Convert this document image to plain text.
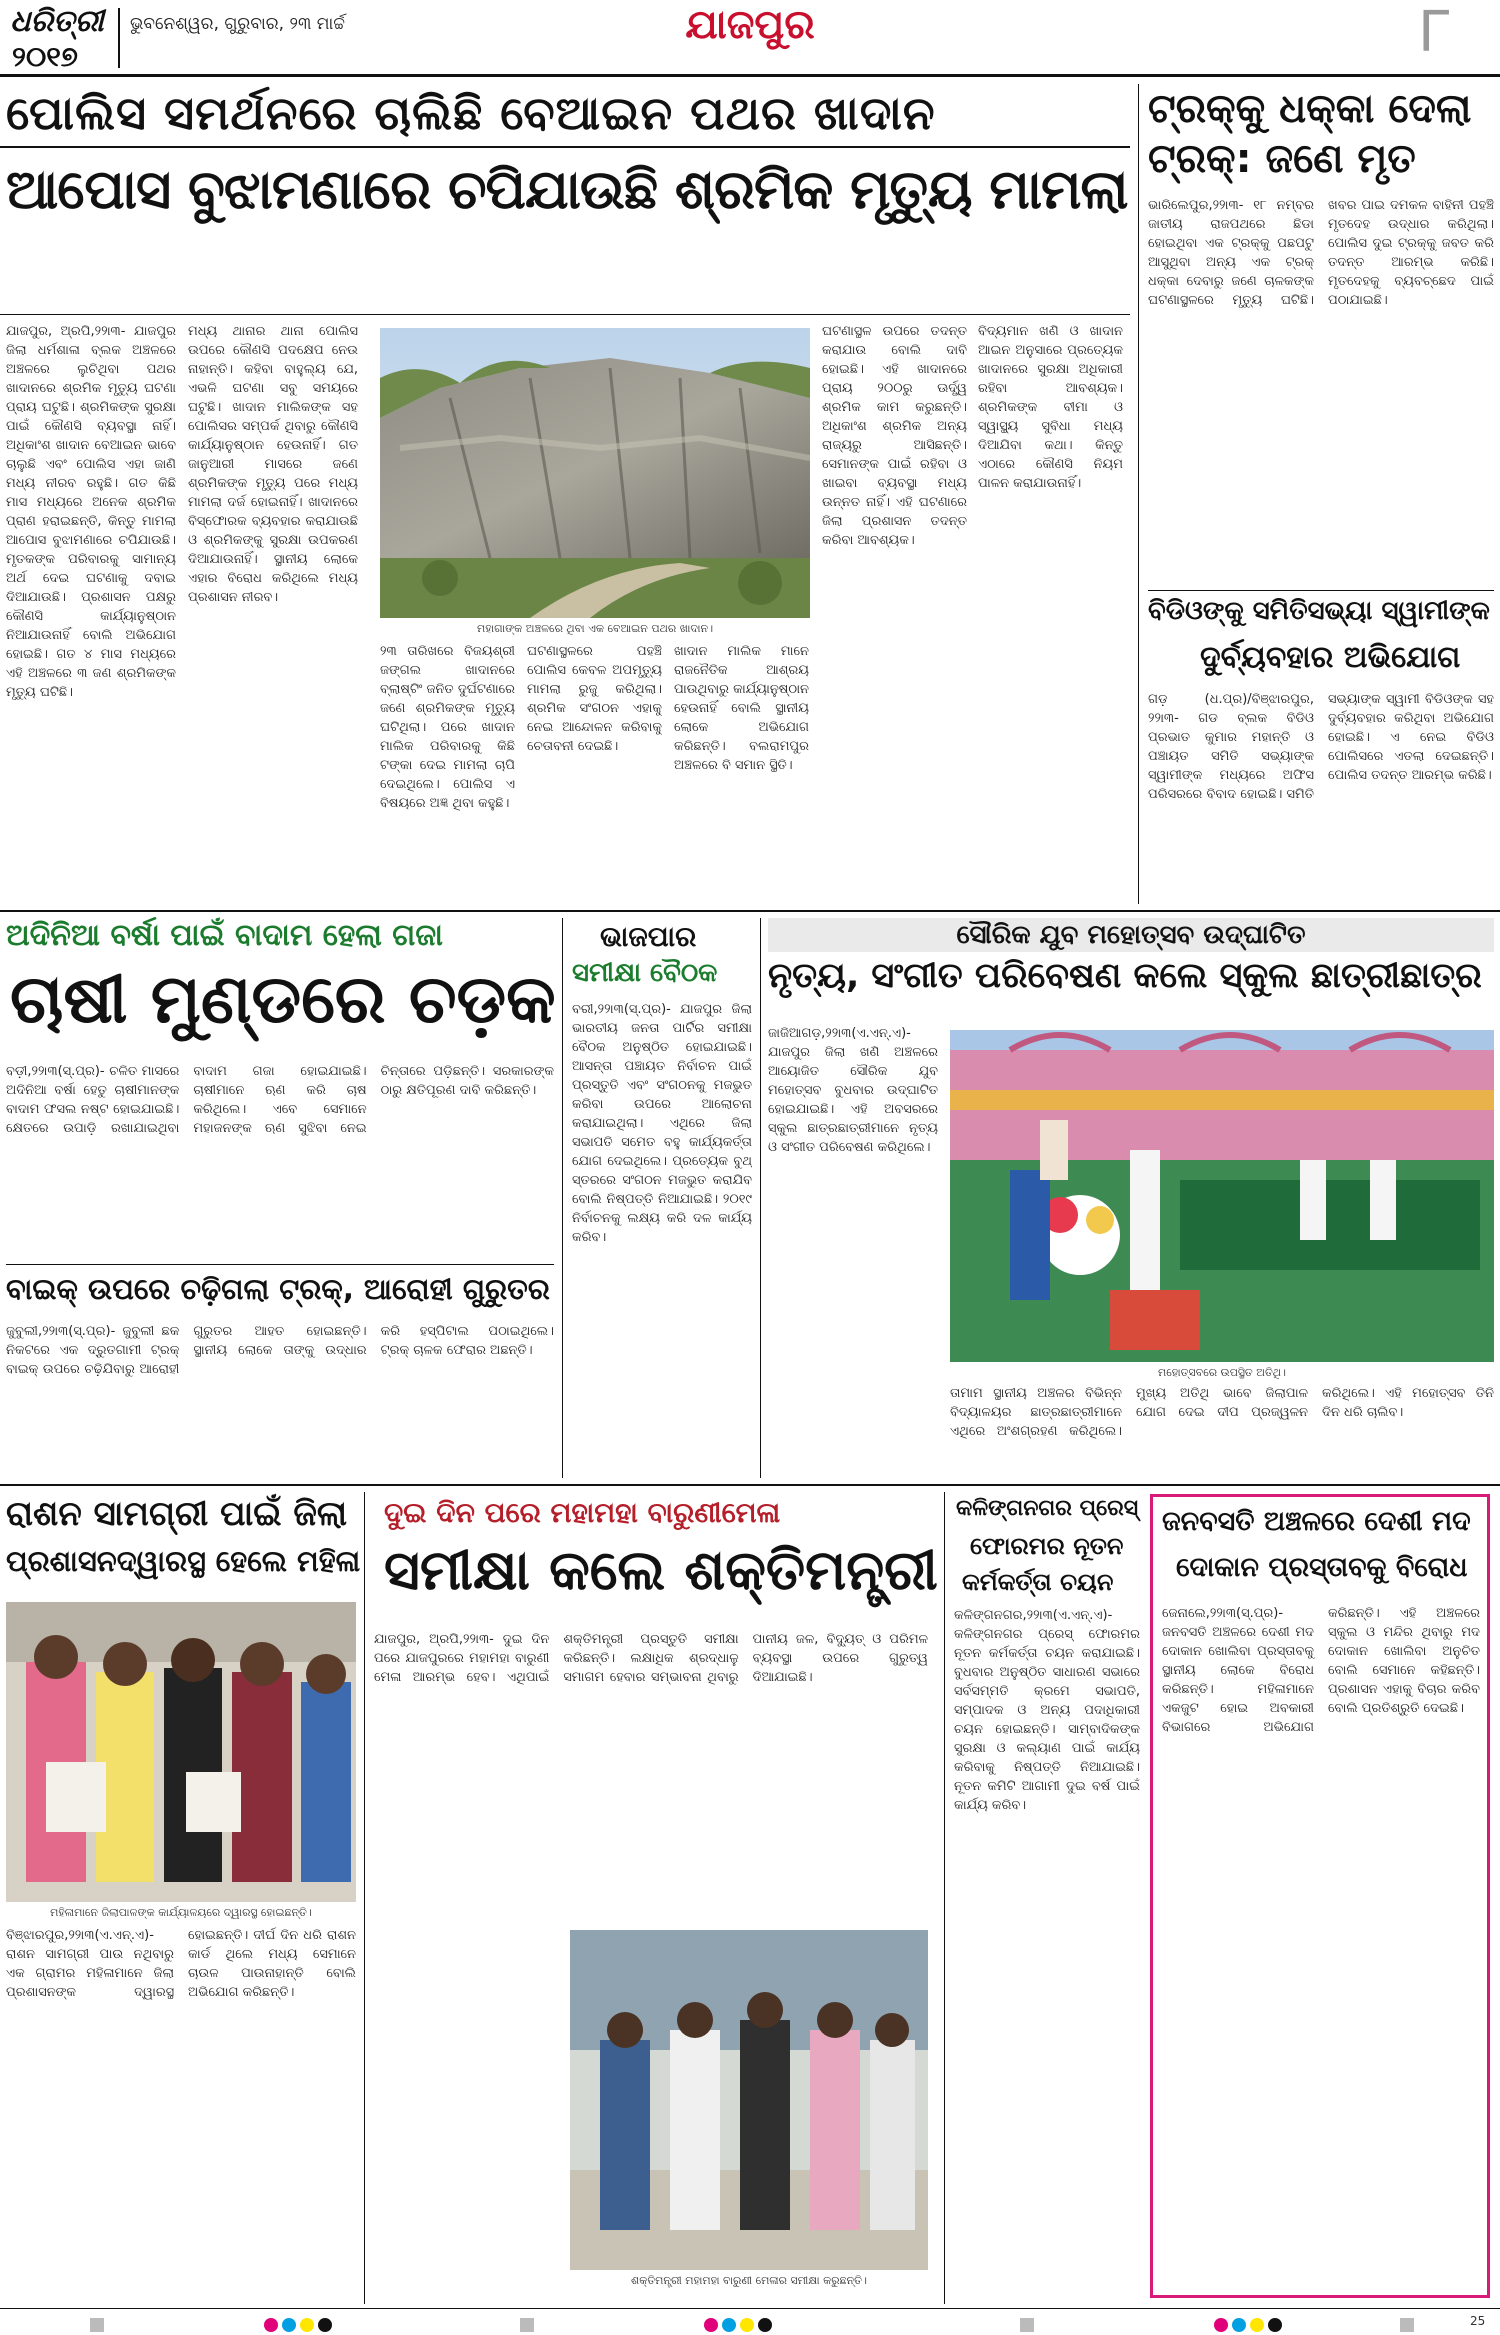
ଧରିତ୍ରୀ
୨୦୧୭
ଭୁବନେଶ୍ୱର, ଗୁରୁବାର, ୨୩ ମାର୍ଚ୍ଚ	ଯାଜପୁର	Γ
ପୋଲିସ ସମର୍ଥନରେ ଚାଲିଛି ବେଆଇନ ପଥର ଖାଦାନ
ଆପୋସ ବୁଝାମଣାରେ ଚପିଯାଉଛି ଶ୍ରମିକ ମୃତ୍ୟୁ ମାମଲା
ଯାଜପୁର, ଅ୍ରପି,୨୨ା୩- ଯାଜପୁର ଜିଲା ଧର୍ମଶାଳା ବ୍ଲକ ଅଞ୍ଚଳରେ ଅଞ୍ଚଳରେ ଲୁଚିଥିବା ପଥର ଖାଦାନରେ ଶ୍ରମିକ ମୃତ୍ୟୁ ଘଟଣା ପ୍ରାୟ ଘଟୁଛି। ଶ୍ରମିକଙ୍କ ସୁରକ୍ଷା ପାଇଁ କୌଣସି ବ୍ୟବସ୍ଥା ନାହିଁ। ଅଧିକାଂଶ ଖାଦାନ ବେଆଇନ ଭାବେ ଚାଲୁଛି ଏବଂ ପୋଲିସ ଏହା ଜାଣି ମଧ୍ୟ ନୀରବ ରହୁଛି। ଗତ କିଛି ମାସ ମଧ୍ୟରେ ଅନେକ ଶ୍ରମିକ ପ୍ରାଣ ହରାଇଛନ୍ତି, କିନ୍ତୁ ମାମଲା ଆପୋସ ବୁଝାମଣାରେ ଚପିଯାଉଛି। ମୃତକଙ୍କ ପରିବାରକୁ ସାମାନ୍ୟ ଅର୍ଥ ଦେଇ ଘଟଣାକୁ ଦବାଇ ଦିଆଯାଉଛି। ପ୍ରଶାସନ ପକ୍ଷରୁ କୌଣସି କାର୍ଯ୍ୟାନୁଷ୍ଠାନ ନିଆଯାଉନାହିଁ ବୋଲି ଅଭିଯୋଗ ହୋଇଛି। ଗତ ୪ ମାସ ମଧ୍ୟରେ ଏହି ଅଞ୍ଚଳରେ ୩ ଜଣ ଶ୍ରମିକଙ୍କ ମୃତ୍ୟୁ ଘଟିଛି।
ମଧ୍ୟ ଥାନାର ଥାନା ପୋଲିସ ଉପରେ କୌଣସି ପଦକ୍ଷେପ ନେଉ ନାହାନ୍ତି। କହିବା ବାହୁଲ୍ୟ ଯେ, ଏଭଳି ଘଟଣା ସବୁ ସମୟରେ ଘଟୁଛି। ଖାଦାନ ମାଲିକଙ୍କ ସହ ପୋଲିସର ସମ୍ପର୍କ ଥିବାରୁ କୌଣସି କାର୍ଯ୍ୟାନୁଷ୍ଠାନ ହେଉନାହିଁ। ଗତ ଜାନୁଆରୀ ମାସରେ ଜଣେ ଶ୍ରମିକଙ୍କ ମୃତ୍ୟୁ ପରେ ମଧ୍ୟ ମାମଲା ଦର୍ଜ ହୋଇନାହିଁ। ଖାଦାନରେ ବିସ୍ଫୋରକ ବ୍ୟବହାର କରାଯାଉଛି ଓ ଶ୍ରମିକଙ୍କୁ ସୁରକ୍ଷା ଉପକରଣ ଦିଆଯାଉନାହିଁ। ସ୍ଥାନୀୟ ଲୋକେ ଏହାର ବିରୋଧ କରିଥିଲେ ମଧ୍ୟ ପ୍ରଶାସନ ନୀରବ।
ମହାଗାଙ୍କ ଅଞ୍ଚଳରେ ଥିବା ଏକ ବେଆଇନ ପଥର ଖାଦାନ।
୨୩ ତାରିଖରେ ବିଜୟଶ୍ରୀ ଜଙ୍ଗଲ ଖାଦାନରେ ବ୍ଲାଷ୍ଟିଂ ଜନିତ ଦୁର୍ଘଟଣାରେ ଜଣେ ଶ୍ରମିକଙ୍କ ମୃତ୍ୟୁ ଘଟିଥିଲା। ପରେ ଖାଦାନ ମାଲିକ ପରିବାରକୁ କିଛି ଟଙ୍କା ଦେଇ ମାମଲା ଚାପି ଦେଇଥିଲେ। ପୋଲିସ ଏ ବିଷୟରେ ଅଜ୍ଞ ଥିବା କହୁଛି।
ଘଟଣାସ୍ଥଳରେ ପହଞ୍ଚି ପୋଲିସ କେବଳ ଅପମୃତ୍ୟୁ ମାମଲା ରୁଜୁ କରିଥିଲା। ଶ୍ରମିକ ସଂଗଠନ ଏହାକୁ ନେଇ ଆନ୍ଦୋଳନ କରିବାକୁ ଚେତାବନୀ ଦେଇଛି।
ଖାଦାନ ମାଲିକ ମାନେ ରାଜନୈତିକ ଆଶ୍ରୟ ପାଉଥିବାରୁ କାର୍ଯ୍ୟାନୁଷ୍ଠାନ ହେଉନାହିଁ ବୋଲି ସ୍ଥାନୀୟ ଲୋକେ ଅଭିଯୋଗ କରିଛନ୍ତି। ବଲରାମପୁର ଅଞ୍ଚଳରେ ବି ସମାନ ସ୍ଥିତି।
ଘଟଣାସ୍ଥଳ ଉପରେ ତଦନ୍ତ କରାଯାଉ ବୋଲି ଦାବି ହୋଇଛି। ଏହି ଖାଦାନରେ ପ୍ରାୟ ୨୦୦ରୁ ଊର୍ଦ୍ଧ୍ୱ ଶ୍ରମିକ କାମ କରୁଛନ୍ତି। ଅଧିକାଂଶ ଶ୍ରମିକ ଅନ୍ୟ ରାଜ୍ୟରୁ ଆସିଛନ୍ତି। ସେମାନଙ୍କ ପାଇଁ ରହିବା ଓ ଖାଇବା ବ୍ୟବସ୍ଥା ମଧ୍ୟ ଉନ୍ନତ ନାହିଁ। ଏହି ଘଟଣାରେ ଜିଲା ପ୍ରଶାସନ ତଦନ୍ତ କରିବା ଆବଶ୍ୟକ।
ବିଦ୍ୟମାନ ଖଣି ଓ ଖାଦାନ ଆଇନ ଅନୁସାରେ ପ୍ରତ୍ୟେକ ଖାଦାନରେ ସୁରକ୍ଷା ଅଧିକାରୀ ରହିବା ଆବଶ୍ୟକ। ଶ୍ରମିକଙ୍କ ବୀମା ଓ ସ୍ୱାସ୍ଥ୍ୟ ସୁବିଧା ମଧ୍ୟ ଦିଆଯିବା କଥା। କିନ୍ତୁ ଏଠାରେ କୌଣସି ନିୟମ ପାଳନ କରାଯାଉନାହିଁ।
ଟ୍ରକ୍‌କୁ ଧକ୍କା ଦେଲା
ଟ୍ରକ୍: ଜଣେ ମୃତ
ଭାରିଲେପୁର,୨୨ା୩- ୧୮ ନମ୍ବର ଜାତୀୟ ରାଜପଥରେ ଛିଡା ହୋଇଥିବା ଏକ ଟ୍ରକ୍‌କୁ ପଛପଟୁ ଆସୁଥିବା ଅନ୍ୟ ଏକ ଟ୍ରକ୍ ଧକ୍କା ଦେବାରୁ ଜଣେ ଚାଳକଙ୍କ ଘଟଣାସ୍ଥଳରେ ମୃତ୍ୟୁ ଘଟିଛି। ଖବର ପାଇ ଦମକଳ ବାହିନୀ ପହଞ୍ଚି ମୃତଦେହ ଉଦ୍ଧାର କରିଥିଲା। ପୋଲିସ ଦୁଇ ଟ୍ରକ୍‌କୁ ଜବତ କରି ତଦନ୍ତ ଆରମ୍ଭ କରିଛି। ମୃତଦେହକୁ ବ୍ୟବଚ୍ଛେଦ ପାଇଁ ପଠାଯାଇଛି।
ବିଡିଓଙ୍କୁ ସମିତିସଭ୍ୟା ସ୍ୱାମୀଙ୍କ
ଦୁର୍ବ୍ୟବହାର ଅଭିଯୋଗ
ଗଡ଼ (ଧ.ପ୍ର)/ବିଞ୍ଝାରପୁର, ୨୨ା୩- ଗଡ ବ୍ଲକ ବିଡିଓ ପ୍ରଭାତ କୁମାର ମହାନ୍ତି ଓ ପଞ୍ଚାୟତ ସମିତି ସଭ୍ୟାଙ୍କ ସ୍ୱାମୀଙ୍କ ମଧ୍ୟରେ ଅଫିସ ପରିସରରେ ବିବାଦ ହୋଇଛି। ସମିତି ସଭ୍ୟାଙ୍କ ସ୍ୱାମୀ ବିଡିଓଙ୍କ ସହ ଦୁର୍ବ୍ୟବହାର କରିଥିବା ଅଭିଯୋଗ ହୋଇଛି। ଏ ନେଇ ବିଡିଓ ପୋଲିସରେ ଏତଲା ଦେଇଛନ୍ତି। ପୋଲିସ ତଦନ୍ତ ଆରମ୍ଭ କରିଛି।
ଅଦିନିଆ ବର୍ଷା ପାଇଁ ବାଦାମ ହେଲା ଗଜା
ଚାଷୀ ମୁଣ୍ଡରେ ଚଡ଼କ
ବଡ଼ୀ,୨୨ା୩(ସ୍.ପ୍ର)- ଚଳିତ ମାସରେ ଅଦିନିଆ ବର୍ଷା ହେତୁ ଚାଷୀମାନଙ୍କ ବାଦାମ ଫସଲ ନଷ୍ଟ ହୋଇଯାଇଛି। କ୍ଷେତରେ ଉପାଡ଼ି ରଖାଯାଇଥିବା ବାଦାମ ଗଜା ହୋଇଯାଇଛି। ଚାଷୀମାନେ ଋଣ କରି ଚାଷ କରିଥିଲେ। ଏବେ ସେମାନେ ମହାଜନଙ୍କ ଋଣ ସୁଝିବା ନେଇ ଚିନ୍ତାରେ ପଡ଼ିଛନ୍ତି। ସରକାରଙ୍କ ଠାରୁ କ୍ଷତିପୂରଣ ଦାବି କରିଛନ୍ତି।
ବାଇକ୍ ଉପରେ ଚଢ଼ିଗଲା ଟ୍ରକ୍, ଆରୋହୀ ଗୁରୁତର
ଜୁବୁଲୀ,୨୨ା୩(ସ୍.ପ୍ର)- ଜୁବୁଲୀ ଛକ ନିକଟରେ ଏକ ଦ୍ରୁତଗାମୀ ଟ୍ରକ୍ ବାଇକ୍ ଉପରେ ଚଢ଼ିଯିବାରୁ ଆରୋହୀ ଗୁରୁତର ଆହତ ହୋଇଛନ୍ତି। ସ୍ଥାନୀୟ ଲୋକେ ତାଙ୍କୁ ଉଦ୍ଧାର କରି ହସ୍ପିଟାଲ ପଠାଇଥିଲେ। ଟ୍ରକ୍ ଚାଳକ ଫେରାର ଅଛନ୍ତି।
ଭାଜପାର
ସମୀକ୍ଷା ବୈଠକ
ବରୀ,୨୨ା୩(ସ୍.ପ୍ର)- ଯାଜପୁର ଜିଲା ଭାରତୀୟ ଜନତା ପାର୍ଟିର ସମୀକ୍ଷା ବୈଠକ ଅନୁଷ୍ଠିତ ହୋଇଯାଇଛି। ଆସନ୍ତା ପଞ୍ଚାୟତ ନିର୍ବାଚନ ପାଇଁ ପ୍ରସ୍ତୁତି ଏବଂ ସଂଗଠନକୁ ମଜଭୁତ କରିବା ଉପରେ ଆଲୋଚନା କରାଯାଇଥିଲା। ଏଥିରେ ଜିଲା ସଭାପତି ସମେତ ବହୁ କାର୍ଯ୍ୟକର୍ତ୍ତା ଯୋଗ ଦେଇଥିଲେ। ପ୍ରତ୍ୟେକ ବୁଥ୍ ସ୍ତରରେ ସଂଗଠନ ମଜଭୁତ କରାଯିବ ବୋଲି ନିଷ୍ପତ୍ତି ନିଆଯାଇଛି। ୨୦୧୯ ନିର୍ବାଚନକୁ ଲକ୍ଷ୍ୟ କରି ଦଳ କାର୍ଯ୍ୟ କରିବ।
ସୌରିକ ଯୁବ ମହୋତ୍ସବ ଉଦ୍‌ଘାଟିତ
ନୃତ୍ୟ, ସଂଗୀତ ପରିବେଷଣ କଲେ ସ୍କୁଲ ଛାତ୍ରୀଛାତ୍ର
ଜାଜିଆଗଡ଼,୨୨ା୩(ଏ.ଏନ୍.ଏ)- ଯାଜପୁର ଜିଲା ଖଣି ଅଞ୍ଚଳରେ ଆୟୋଜିତ ସୌରିକ ଯୁବ ମହୋତ୍ସବ ବୁଧବାର ଉଦ୍‌ଘାଟିତ ହୋଇଯାଇଛି। ଏହି ଅବସରରେ ସ୍କୁଲ ଛାତ୍ରଛାତ୍ରୀମାନେ ନୃତ୍ୟ ଓ ସଂଗୀତ ପରିବେଷଣ କରିଥିଲେ।
ମହୋତ୍ସବରେ ଉପସ୍ଥିତ ଅତିଥି।
ତାମାମ ସ୍ଥାନୀୟ ଅଞ୍ଚଳର ବିଭିନ୍ନ ବିଦ୍ୟାଳୟର ଛାତ୍ରଛାତ୍ରୀମାନେ ଏଥିରେ ଅଂଶଗ୍ରହଣ କରିଥିଲେ। ମୁଖ୍ୟ ଅତିଥି ଭାବେ ଜିଲାପାଳ ଯୋଗ ଦେଇ ଦୀପ ପ୍ରଜ୍ୱଳନ କରିଥିଲେ। ଏହି ମହୋତ୍ସବ ତିନି ଦିନ ଧରି ଚାଲିବ।
ରାଶନ ସାମଗ୍ରୀ ପାଇଁ ଜିଲା
ପ୍ରଶାସନଦ୍ୱାରସ୍ଥ ହେଲେ ମହିଳା
ମହିଳାମାନେ ଜିଲାପାଳଙ୍କ କାର୍ଯ୍ୟାଳୟରେ ଦ୍ୱାରସ୍ଥ ହୋଇଛନ୍ତି।
ବିଞ୍ଝାରପୁର,୨୨ା୩(ଏ.ଏନ୍.ଏ)- ରାଶନ ସାମଗ୍ରୀ ପାଉ ନଥିବାରୁ ଏକ ଗ୍ରାମର ମହିଳାମାନେ ଜିଲା ପ୍ରଶାସନଙ୍କ ଦ୍ୱାରସ୍ଥ ହୋଇଛନ୍ତି। ଦୀର୍ଘ ଦିନ ଧରି ରାଶନ କାର୍ଡ ଥିଲେ ମଧ୍ୟ ସେମାନେ ଚାଉଳ ପାଉନାହାନ୍ତି ବୋଲି ଅଭିଯୋଗ କରିଛନ୍ତି।
ଦୁଇ ଦିନ ପରେ ମହାମହା ବାରୁଣୀମେଳା
ସମୀକ୍ଷା କଲେ ଶକ୍ତିମନ୍ତ୍ରୀ
ଯାଜପୁର, ଅ୍ରପି,୨୨ା୩- ଦୁଇ ଦିନ ପରେ ଯାଜପୁରରେ ମହାମହା ବାରୁଣୀ ମେଳା ଆରମ୍ଭ ହେବ। ଏଥିପାଇଁ ଶକ୍ତିମନ୍ତ୍ରୀ ପ୍ରସ୍ତୁତି ସମୀକ୍ଷା କରିଛନ୍ତି। ଲକ୍ଷାଧିକ ଶ୍ରଦ୍ଧାଳୁ ସମାଗମ ହେବାର ସମ୍ଭାବନା ଥିବାରୁ ପାନୀୟ ଜଳ, ବିଦ୍ୟୁତ୍ ଓ ପରିମଳ ବ୍ୟବସ୍ଥା ଉପରେ ଗୁରୁତ୍ୱ ଦିଆଯାଇଛି।
ଶକ୍ତିମନ୍ତ୍ରୀ ମହାମହା ବାରୁଣୀ ମେଳାର ସମୀକ୍ଷା କରୁଛନ୍ତି।
କଳିଙ୍ଗନଗର ପ୍ରେସ୍
ଫୋରମର ନୂତନ
କର୍ମକର୍ତ୍ତା ଚୟନ
କଳିଙ୍ଗନଗର,୨୨ା୩(ଏ.ଏନ୍.ଏ)- କଳିଙ୍ଗନଗର ପ୍ରେସ୍ ଫୋରମର ନୂତନ କର୍ମକର୍ତ୍ତା ଚୟନ କରାଯାଇଛି। ବୁଧବାର ଅନୁଷ୍ଠିତ ସାଧାରଣ ସଭାରେ ସର୍ବସମ୍ମତି କ୍ରମେ ସଭାପତି, ସମ୍ପାଦକ ଓ ଅନ୍ୟ ପଦାଧିକାରୀ ଚୟନ ହୋଇଛନ୍ତି। ସାମ୍ବାଦିକଙ୍କ ସୁରକ୍ଷା ଓ କଲ୍ୟାଣ ପାଇଁ କାର୍ଯ୍ୟ କରିବାକୁ ନିଷ୍ପତ୍ତି ନିଆଯାଇଛି। ନୂତନ କମିଟି ଆଗାମୀ ଦୁଇ ବର୍ଷ ପାଇଁ କାର୍ଯ୍ୟ କରିବ।
ଜନବସତି ଅଞ୍ଚଳରେ ଦେଶୀ ମଦ
ଦୋକାନ ପ୍ରସ୍ତାବକୁ ବିରୋଧ
ଜେନାଲେ,୨୨ା୩(ସ୍.ପ୍ର)- ଜନବସତି ଅଞ୍ଚଳରେ ଦେଶୀ ମଦ ଦୋକାନ ଖୋଲିବା ପ୍ରସ୍ତାବକୁ ସ୍ଥାନୀୟ ଲୋକେ ବିରୋଧ କରିଛନ୍ତି। ମହିଳାମାନେ ଏକଜୁଟ ହୋଇ ଅବକାରୀ ବିଭାଗରେ ଅଭିଯୋଗ କରିଛନ୍ତି। ଏହି ଅଞ୍ଚଳରେ ସ୍କୁଲ ଓ ମନ୍ଦିର ଥିବାରୁ ମଦ ଦୋକାନ ଖୋଲିବା ଅନୁଚିତ ବୋଲି ସେମାନେ କହିଛନ୍ତି। ପ୍ରଶାସନ ଏହାକୁ ବିଚାର କରିବ ବୋଲି ପ୍ରତିଶ୍ରୁତି ଦେଇଛି।
25
